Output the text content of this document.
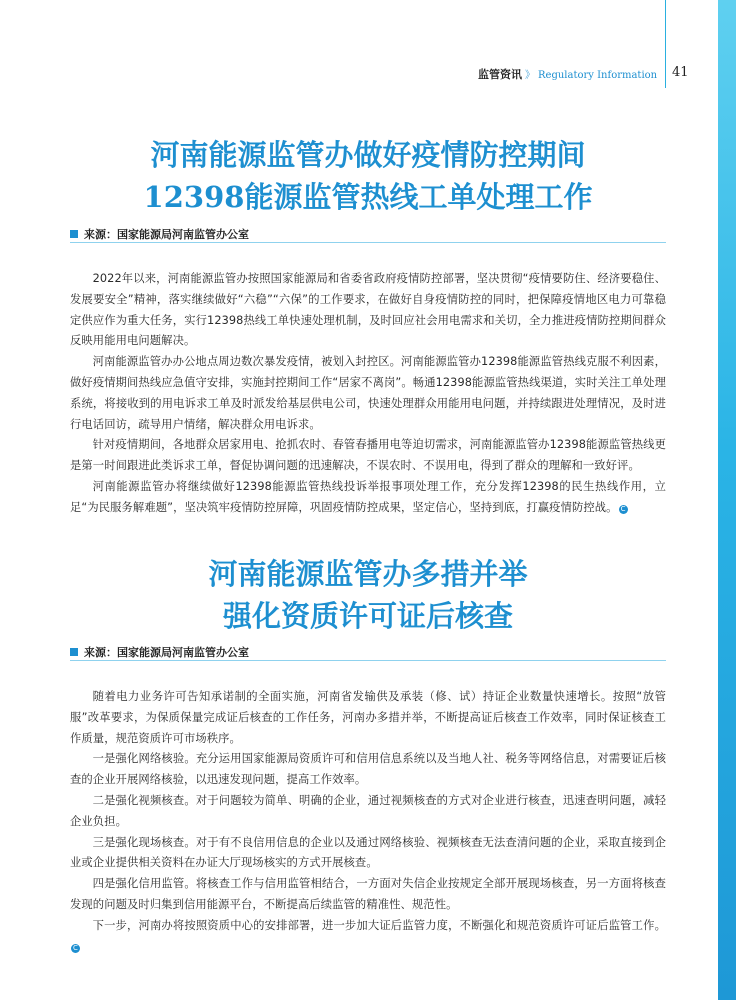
监管资讯 》 Regulatory Information	41
河南能源监管办做好疫情防控期间
12398能源监管热线工单处理工作
来源：国家能源局河南监管办公室

2022年以来，河南能源监管办按照国家能源局和省委省政府疫情防控部署，坚决贯彻“疫情要防住、经济要稳住、发展要安全”精神，落实继续做好“六稳”“六保”的工作要求，在做好自身疫情防控的同时，把保障疫情地区电力可靠稳定供应作为重大任务，实行12398热线工单快速处理机制，及时回应社会用电需求和关切，全力推进疫情防控期间群众反映用能用电问题解决。

河南能源监管办办公地点周边数次暴发疫情，被划入封控区。河南能源监管办12398能源监管热线克服不利因素，做好疫情期间热线应急值守安排，实施封控期间工作“居家不离岗”。畅通12398能源监管热线渠道，实时关注工单处理系统，将接收到的用电诉求工单及时派发给基层供电公司，快速处理群众用能用电问题，并持续跟进处理情况，及时进行电话回访，疏导用户情绪，解决群众用电诉求。

针对疫情期间，各地群众居家用电、抢抓农时、春管春播用电等迫切需求，河南能源监管办12398能源监管热线更是第一时间跟进此类诉求工单，督促协调问题的迅速解决，不误农时、不误用电，得到了群众的理解和一致好评。

河南能源监管办将继续做好12398能源监管热线投诉举报事项处理工作，充分发挥12398的民生热线作用，立足“为民服务解难题”，坚决筑牢疫情防控屏障，巩固疫情防控成果，坚定信心，坚持到底，打赢疫情防控战。 C

河南能源监管办多措并举
强化资质许可证后核查
来源：国家能源局河南监管办公室

随着电力业务许可告知承诺制的全面实施，河南省发输供及承装（修、试）持证企业数量快速增长。按照“放管服”改革要求，为保质保量完成证后核查的工作任务，河南办多措并举，不断提高证后核查工作效率，同时保证核查工作质量，规范资质许可市场秩序。

一是强化网络核验。充分运用国家能源局资质许可和信用信息系统以及当地人社、税务等网络信息，对需要证后核查的企业开展网络核验，以迅速发现问题，提高工作效率。

二是强化视频核查。对于问题较为简单、明确的企业，通过视频核查的方式对企业进行核查，迅速查明问题，减轻企业负担。

三是强化现场核查。对于有不良信用信息的企业以及通过网络核验、视频核查无法查清问题的企业，采取直接到企业或企业提供相关资料在办证大厅现场核实的方式开展核查。

四是强化信用监管。将核查工作与信用监管相结合，一方面对失信企业按规定全部开展现场核查，另一方面将核查发现的问题及时归集到信用能源平台，不断提高后续监管的精准性、规范性。

下一步，河南办将按照资质中心的安排部署，进一步加大证后监管力度，不断强化和规范资质许可证后监管工作。C
